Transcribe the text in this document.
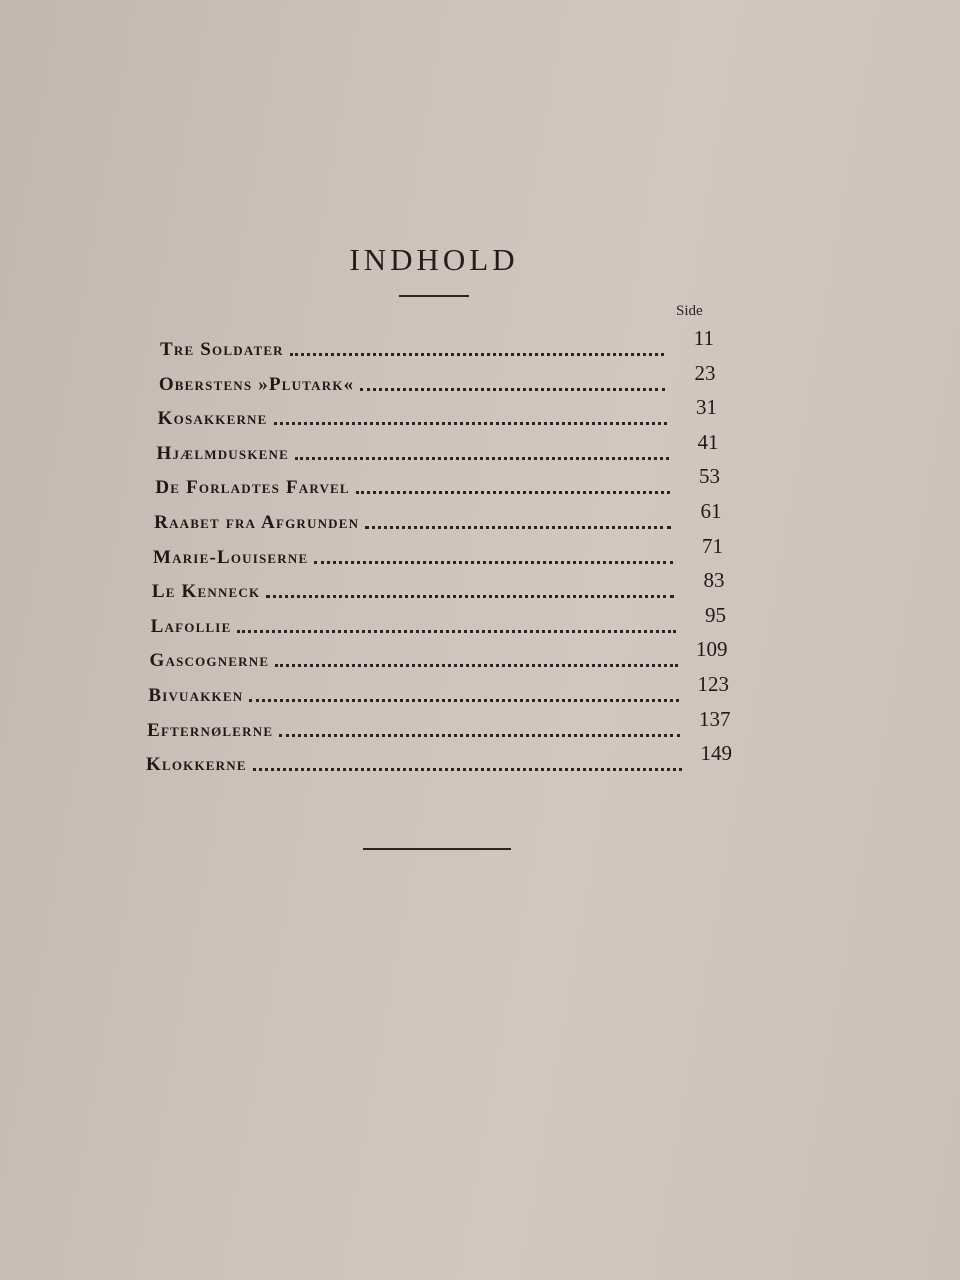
INDHOLD
Side
Tre Soldater	11
Oberstens »Plutark«	23
Kosakkerne	31
Hjælmduskene	41
De Forladtes Farvel	53
Raabet fra Afgrunden	61
Marie-Louiserne	71
Le Kenneck	83
Lafollie	95
Gascognerne	109
Bivuakken	123
Efternølerne	137
Klokkerne	149
